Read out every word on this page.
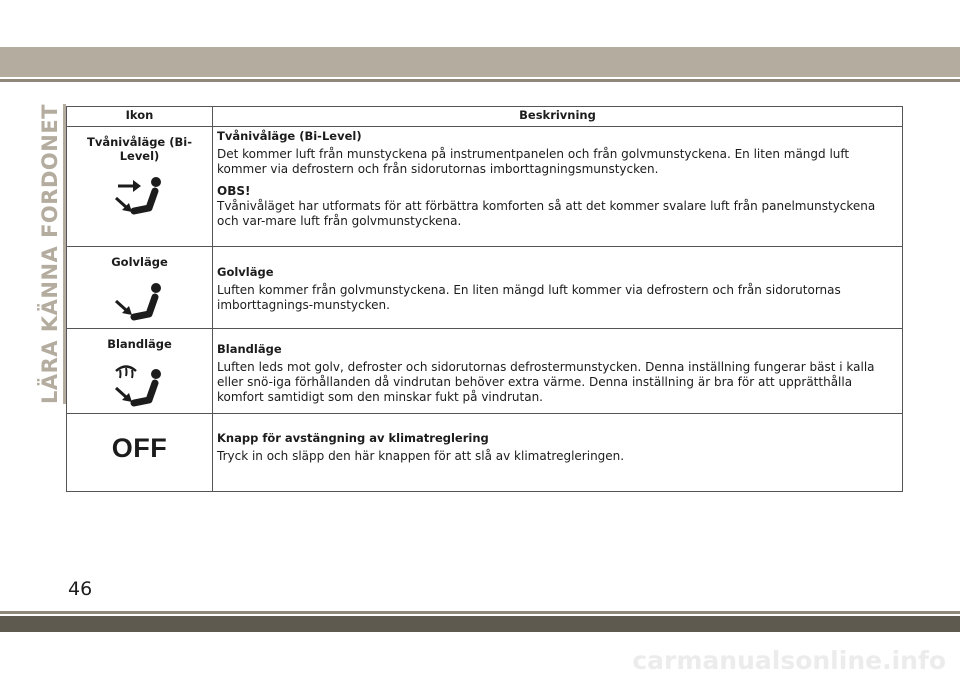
LÄRA KÄNNA FORDONET	Ikon	Beskrivning

Tvånivåläge (Bi-Level)	Tvånivåläge (Bi-Level)

Det kommer luft från munstyckena på instrumentpanelen och från golvmunstyckena. En liten mängd luft kommer via defrostern och från sidorutornas imborttagningsmunstycken.

OBS!

Tvånivåläget har utformats för att förbättra komforten så att det kommer svalare luft från panelmunstyckena och var-mare luft från golvmunstyckena.

Golvläge	Golvläge

Luften kommer från golvmunstyckena. En liten mängd luft kommer via defrostern och från sidorutornas imborttagnings-munstycken.

Blandläge	Blandläge

Luften leds mot golv, defroster och sidorutornas defrostermunstycken. Denna inställning fungerar bäst i kalla eller snö-iga förhållanden då vindrutan behöver extra värme. Denna inställning är bra för att upprätthålla komfort samtidigt som den minskar fukt på vindrutan.

OFF	Knapp för avstängning av klimatreglering

Tryck in och släpp den här knappen för att slå av klimatregleringen.

46
carmanualsonline.info
